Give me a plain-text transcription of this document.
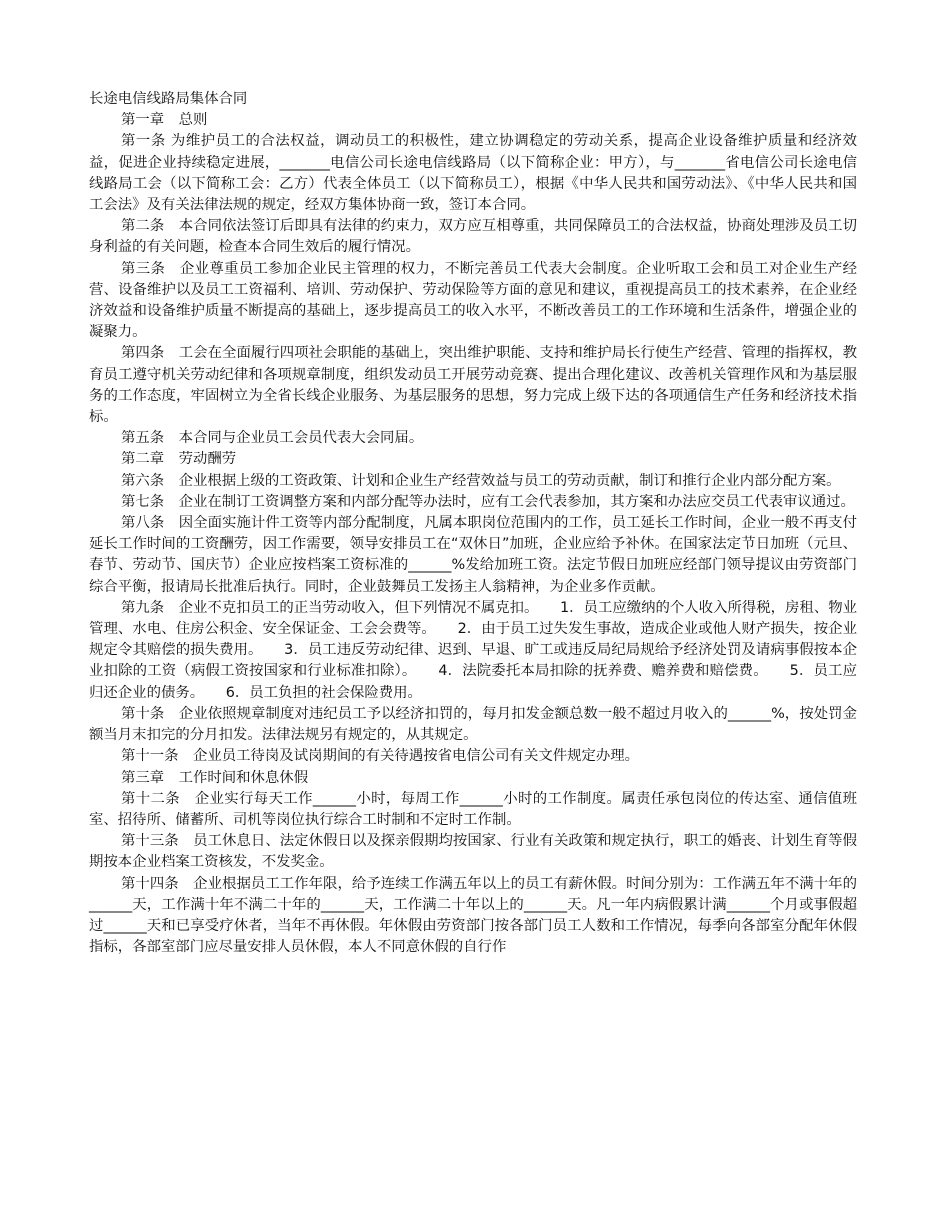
长途电信线路局集体合同

第一章　总则

第一条 为维护员工的合法权益，调动员工的积极性，建立协调稳定的劳动关系，提高企业设备维护质量和经济效益，促进企业持续稳定进展，_______电信公司长途电信线路局（以下简称企业：甲方），与_______省电信公司长途电信线路局工会（以下简称工会：乙方）代表全体员工（以下简称员工），根据《中华人民共和国劳动法》、《中华人民共和国工会法》及有关法律法规的规定，经双方集体协商一致，签订本合同。

第二条　本合同依法签订后即具有法律的约束力，双方应互相尊重，共同保障员工的合法权益，协商处理涉及员工切身利益的有关问题，检查本合同生效后的履行情况。

第三条　企业尊重员工参加企业民主管理的权力，不断完善员工代表大会制度。企业听取工会和员工对企业生产经营、设备维护以及员工工资福利、培训、劳动保护、劳动保险等方面的意见和建议，重视提高员工的技术素养，在企业经济效益和设备维护质量不断提高的基础上，逐步提高员工的收入水平，不断改善员工的工作环境和生活条件，增强企业的凝聚力。

第四条　工会在全面履行四项社会职能的基础上，突出维护职能、支持和维护局长行使生产经营、管理的指挥权，教育员工遵守机关劳动纪律和各项规章制度，组织发动员工开展劳动竞赛、提出合理化建议、改善机关管理作风和为基层服务的工作态度，牢固树立为全省长线企业服务、为基层服务的思想，努力完成上级下达的各项通信生产任务和经济技术指标。

第五条　本合同与企业员工会员代表大会同届。

第二章　劳动酬劳

第六条　企业根据上级的工资政策、计划和企业生产经营效益与员工的劳动贡献，制订和推行企业内部分配方案。

第七条　企业在制订工资调整方案和内部分配等办法时，应有工会代表参加，其方案和办法应交员工代表审议通过。

第八条　因全面实施计件工资等内部分配制度，凡属本职岗位范围内的工作，员工延长工作时间，企业一般不再支付延长工作时间的工资酬劳，因工作需要，领导安排员工在“双休日”加班，企业应给予补休。在国家法定节日加班（元旦、春节、劳动节、国庆节）企业应按档案工资标准的______%发给加班工资。法定节假日加班应经部门领导提议由劳资部门综合平衡，报请局长批准后执行。同时，企业鼓舞员工发扬主人翁精神，为企业多作贡献。

第九条　企业不克扣员工的正当劳动收入，但下列情况不属克扣。　　1．员工应缴纳的个人收入所得税，房租、物业管理、水电、住房公积金、安全保证金、工会会费等。　　2．由于员工过失发生事故，造成企业或他人财产损失，按企业规定令其赔偿的损失费用。　　3．员工违反劳动纪律、迟到、早退、旷工或违反局纪局规给予经济处罚及请病事假按本企业扣除的工资（病假工资按国家和行业标准扣除）。　　4．法院委托本局扣除的抚养费、赡养费和赔偿费。　　5．员工应归还企业的债务。　　6．员工负担的社会保险费用。

第十条　企业依照规章制度对违纪员工予以经济扣罚的，每月扣发金额总数一般不超过月收入的______%，按处罚金额当月末扣完的分月扣发。法律法规另有规定的，从其规定。

第十一条　企业员工待岗及试岗期间的有关待遇按省电信公司有关文件规定办理。

第三章　工作时间和休息休假

第十二条　企业实行每天工作______小时，每周工作______小时的工作制度。属责任承包岗位的传达室、通信值班室、招待所、储蓄所、司机等岗位执行综合工时制和不定时工作制。

第十三条　员工休息日、法定休假日以及探亲假期均按国家、行业有关政策和规定执行，职工的婚丧、计划生育等假期按本企业档案工资核发，不发奖金。

第十四条　企业根据员工工作年限，给予连续工作满五年以上的员工有薪休假。时间分别为：工作满五年不满十年的______天，工作满十年不满二十年的______天，工作满二十年以上的______天。凡一年内病假累计满______个月或事假超过______天和已享受疗休者，当年不再休假。年休假由劳资部门按各部门员工人数和工作情况，每季向各部室分配年休假指标，各部室部门应尽量安排人员休假，本人不同意休假的自行作
